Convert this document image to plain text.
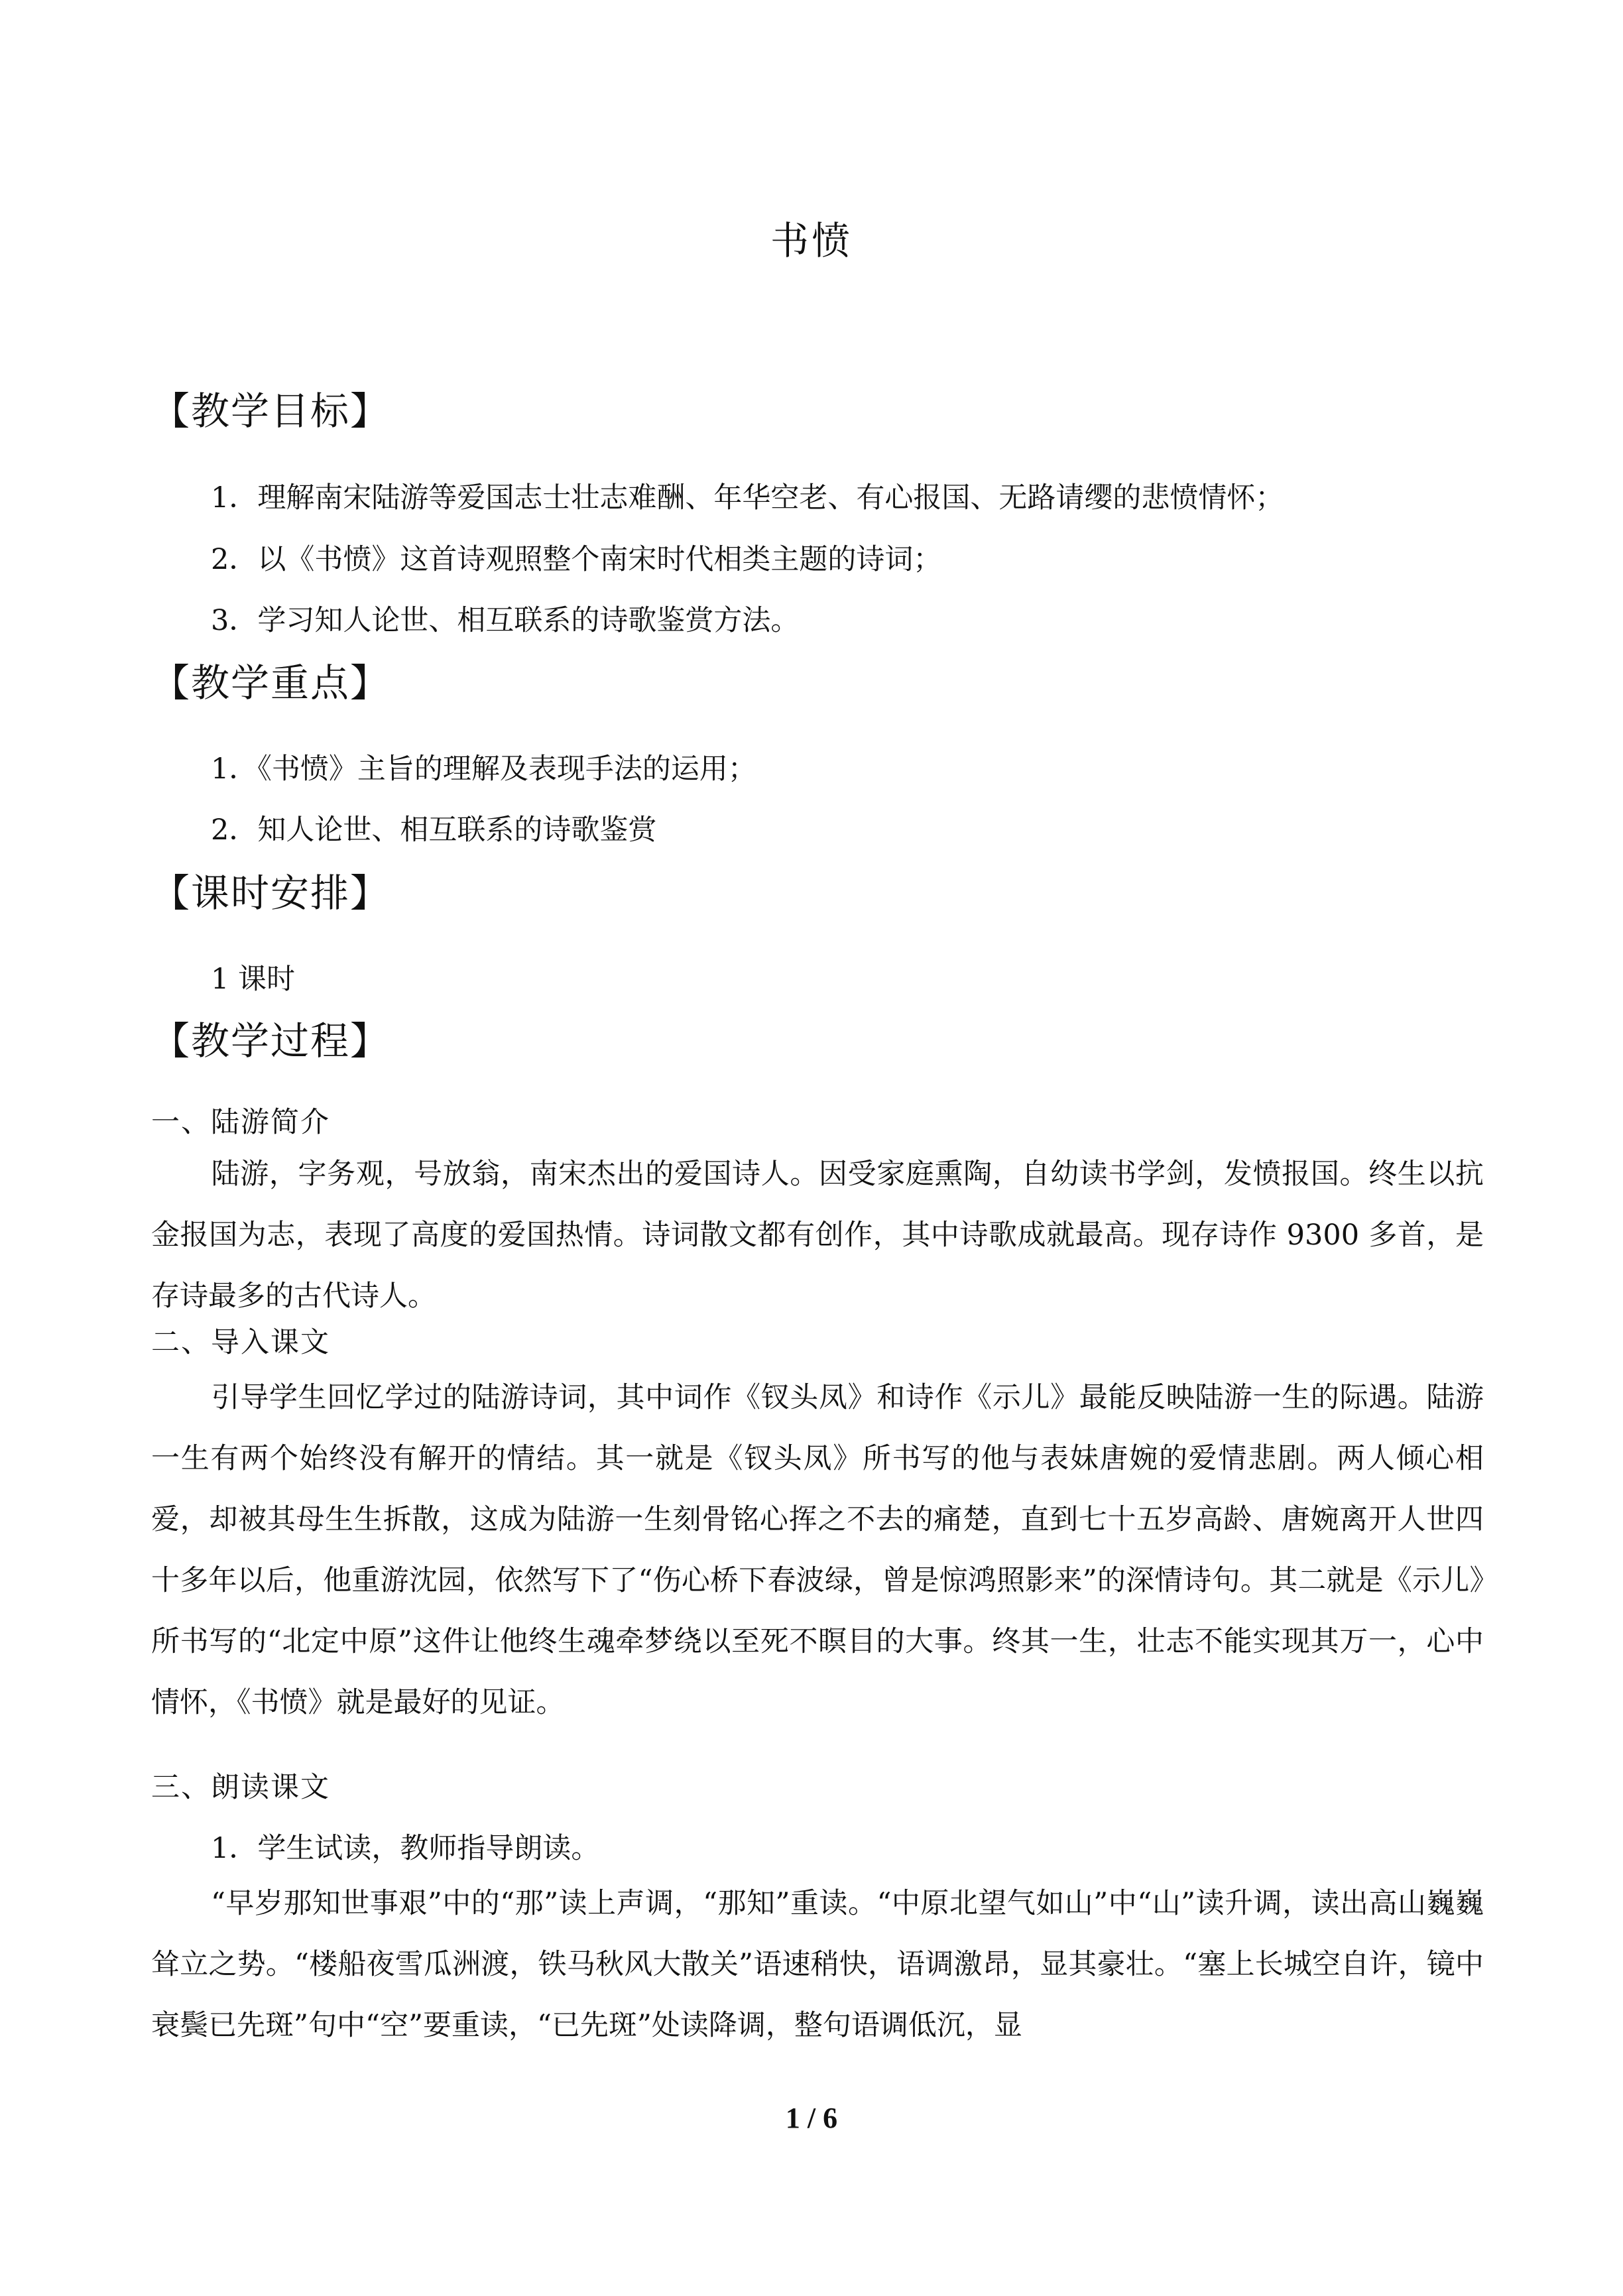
书愤
【教学目标】
1．理解南宋陆游等爱国志士壮志难酬、年华空老、有心报国、无路请缨的悲愤情怀；
2．以《书愤》这首诗观照整个南宋时代相类主题的诗词；
3．学习知人论世、相互联系的诗歌鉴赏方法。
【教学重点】
1．《书愤》主旨的理解及表现手法的运用；
2．知人论世、相互联系的诗歌鉴赏
【课时安排】
1 课时
【教学过程】
一、陆游简介
陆游，字务观，号放翁，南宋杰出的爱国诗人。因受家庭熏陶，自幼读书学剑，发愤报国。终生以抗金报国为志，表现了高度的爱国热情。诗词散文都有创作，其中诗歌成就最高。现存诗作 9300 多首，是存诗最多的古代诗人。
二、导入课文
引导学生回忆学过的陆游诗词，其中词作《钗头凤》和诗作《示儿》最能反映陆游一生的际遇。陆游一生有两个始终没有解开的情结。其一就是《钗头凤》所书写的他与表妹唐婉的爱情悲剧。两人倾心相爱，却被其母生生拆散，这成为陆游一生刻骨铭心挥之不去的痛楚，直到七十五岁高龄、唐婉离开人世四十多年以后，他重游沈园，依然写下了“伤心桥下春波绿，曾是惊鸿照影来”的深情诗句。其二就是《示儿》所书写的“北定中原”这件让他终生魂牵梦绕以至死不瞑目的大事。终其一生，壮志不能实现其万一，心中情怀，《书愤》就是最好的见证。
三、朗读课文
1．学生试读，教师指导朗读。
“早岁那知世事艰”中的“那”读上声调，“那知”重读。“中原北望气如山”中“山”读升调，读出高山巍巍耸立之势。“楼船夜雪瓜洲渡，铁马秋风大散关”语速稍快，语调激昂，显其豪壮。“塞上长城空自许，镜中衰鬓已先斑”句中“空”要重读，“已先斑”处读降调，整句语调低沉，显
1 / 6
